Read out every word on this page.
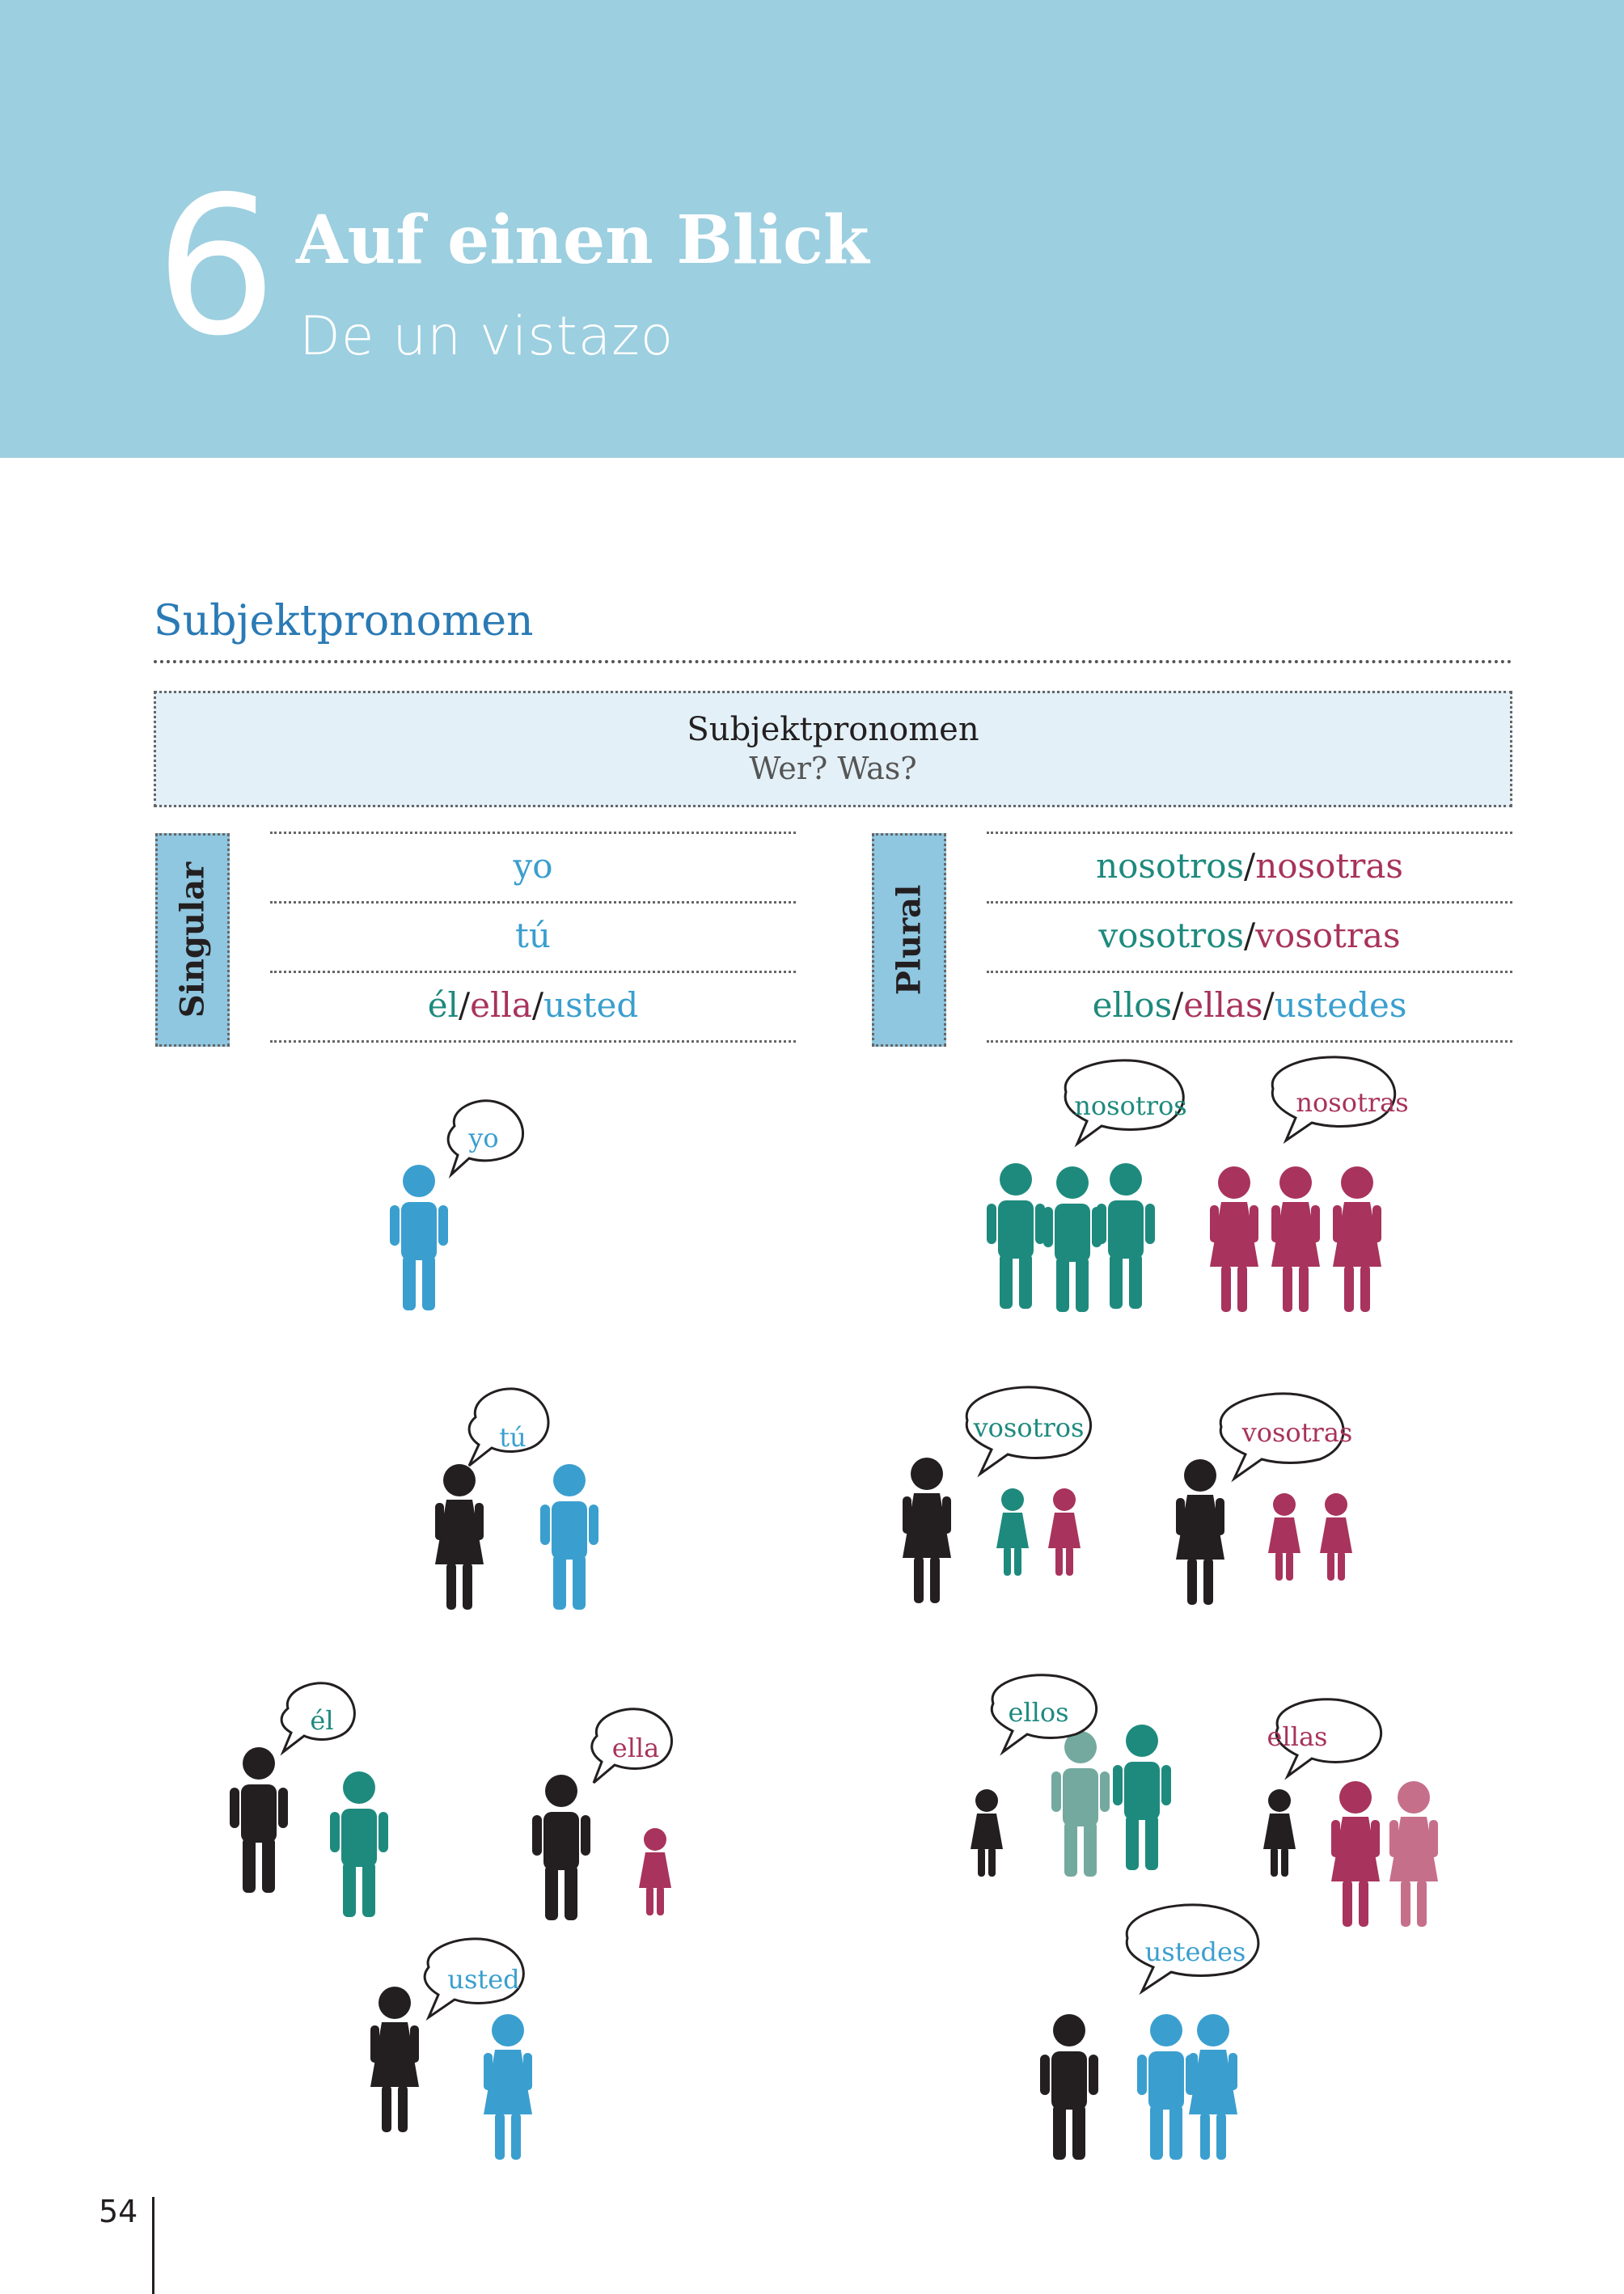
6 Auf einen Blick
De un vistazo
Subjektpronomen
Subjektpronomen
Wer? Was?
Singular	yo
tú
él/ella/usted
Plural
nosotros/nosotras
vosotros/vosotras
ellos/ellas/ustedes
yo
tú
él
ella
usted
nosotros	nosotras
vosotros	vosotras
ellos
ellas
ustedes
54
